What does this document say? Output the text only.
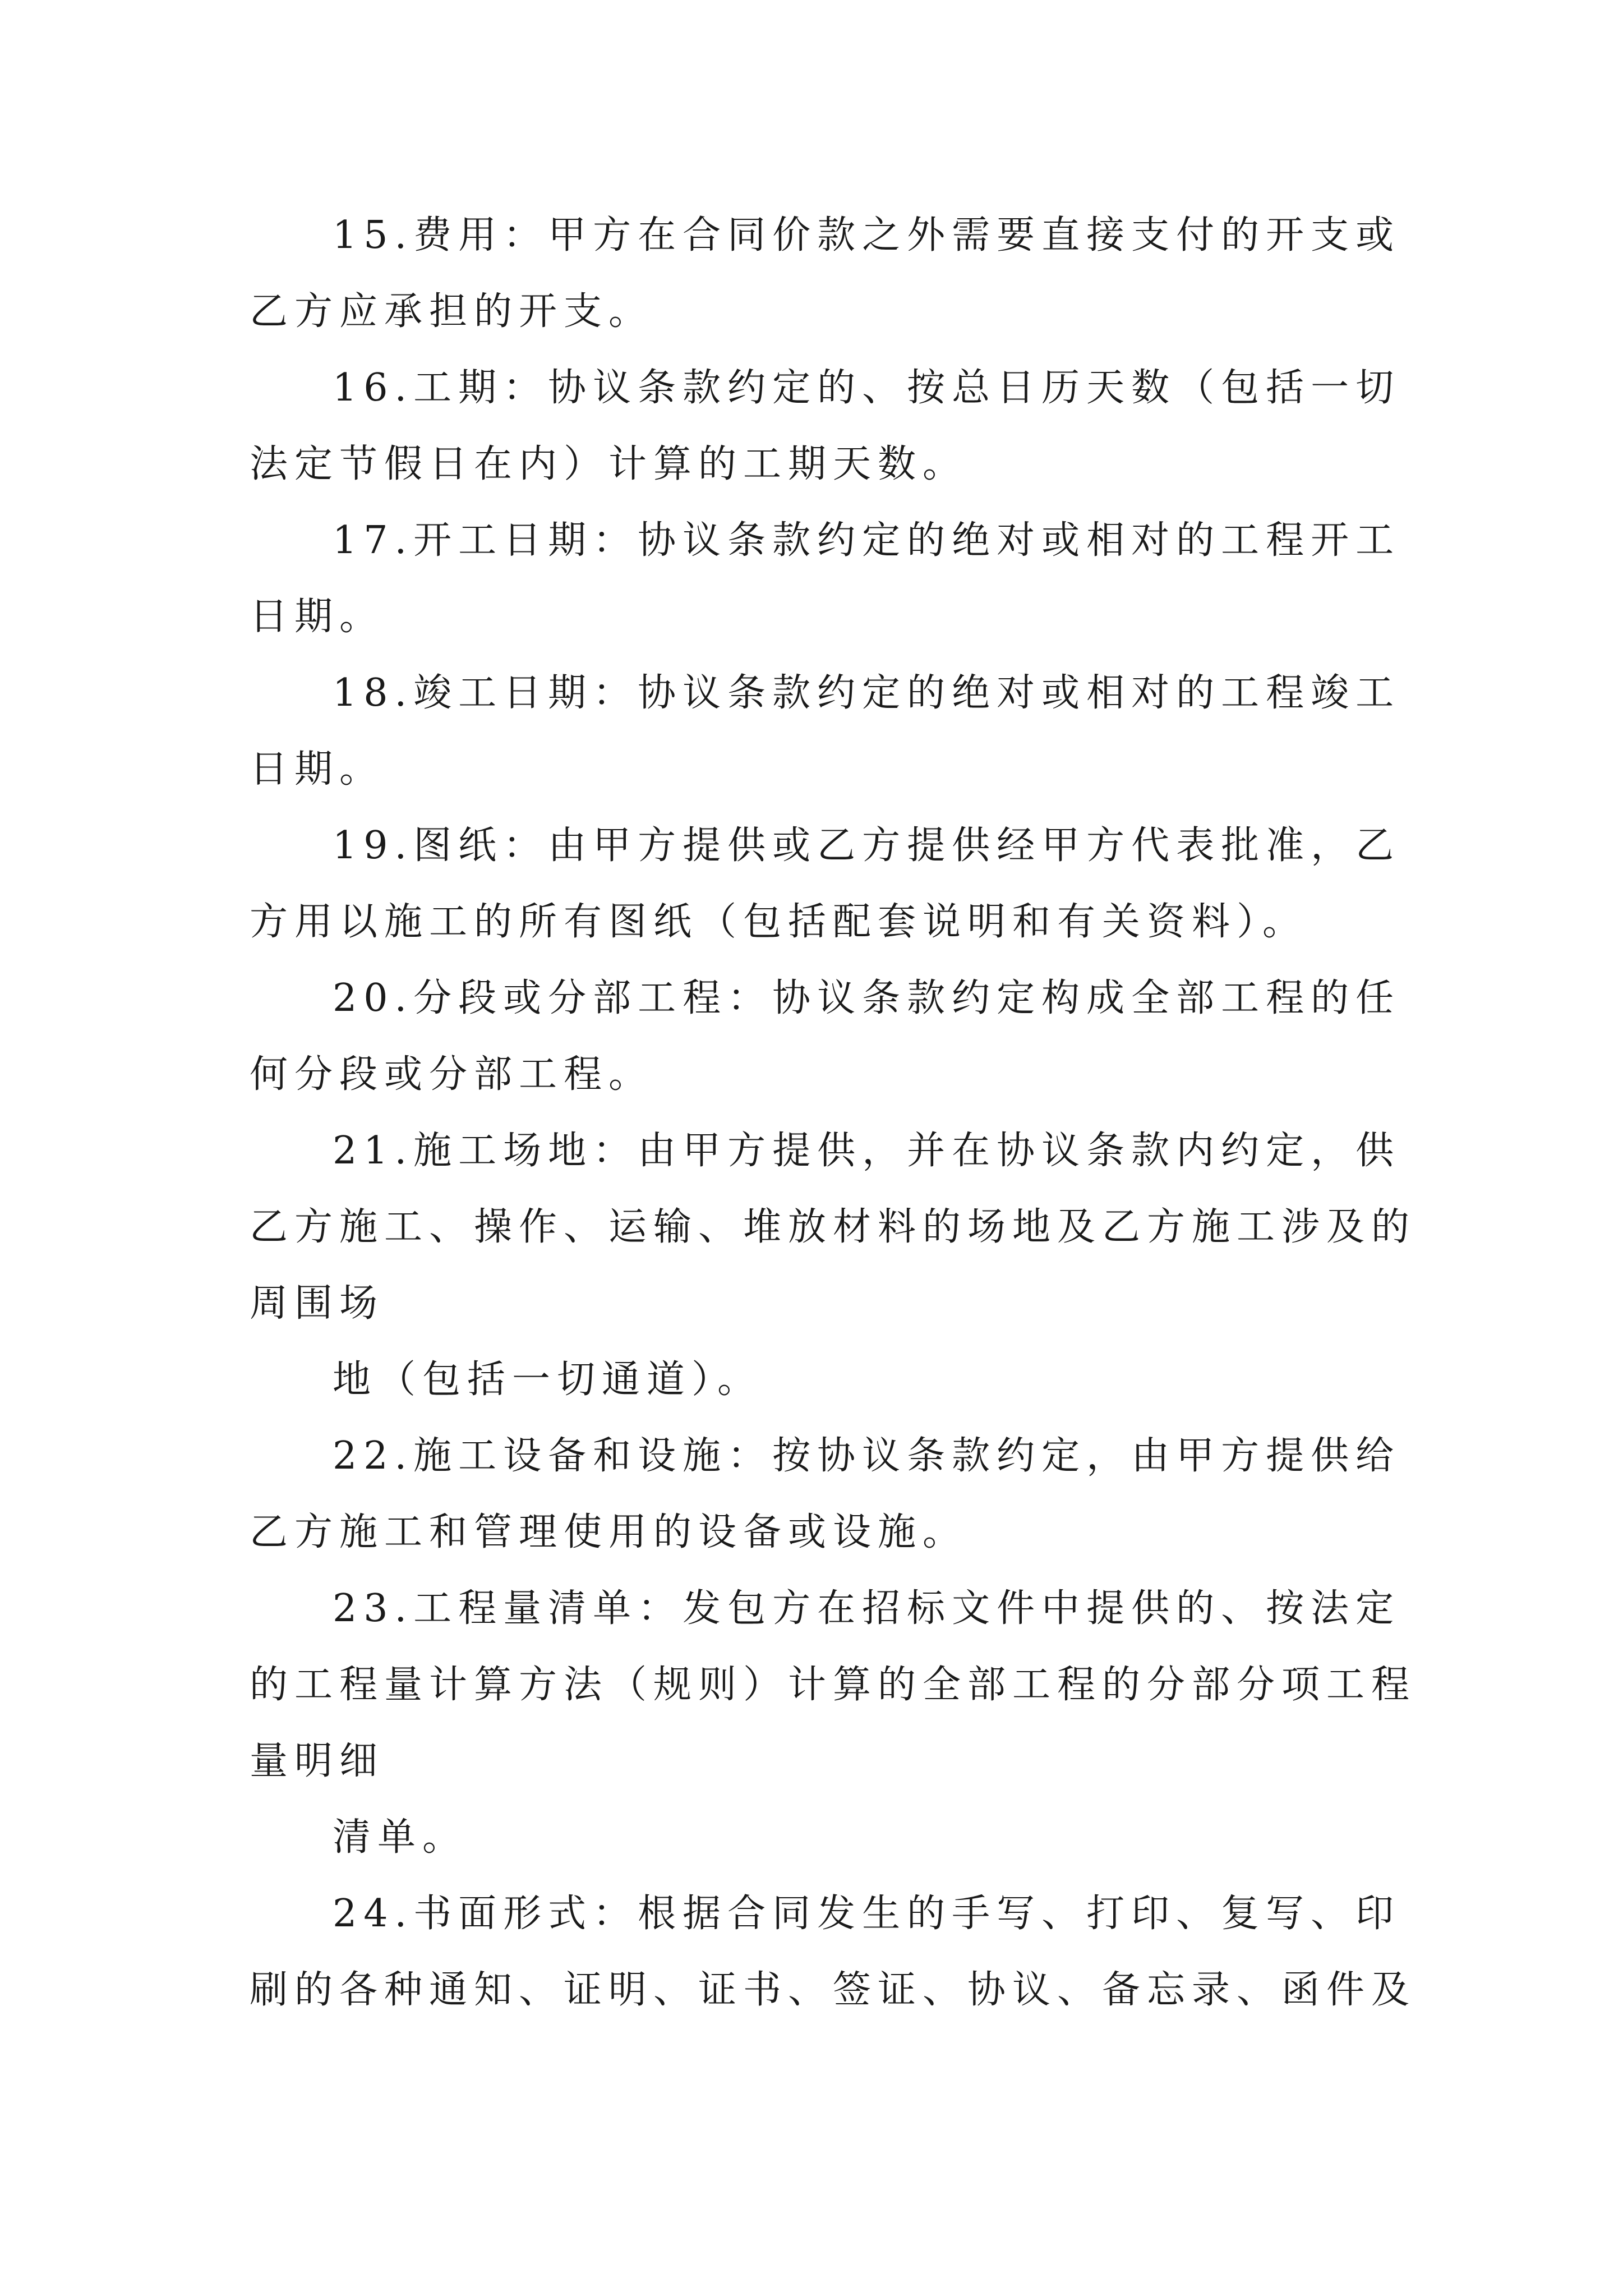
15.费用：甲方在合同价款之外需要直接支付的开支或
乙方应承担的开支。
16.工期：协议条款约定的、按总日历天数（包括一切
法定节假日在内）计算的工期天数。
17.开工日期：协议条款约定的绝对或相对的工程开工
日期。
18.竣工日期：协议条款约定的绝对或相对的工程竣工
日期。
19.图纸：由甲方提供或乙方提供经甲方代表批准，乙
方用以施工的所有图纸（包括配套说明和有关资料）。
20.分段或分部工程：协议条款约定构成全部工程的任
何分段或分部工程。
21.施工场地：由甲方提供，并在协议条款内约定，供
乙方施工、操作、运输、堆放材料的场地及乙方施工涉及的
周围场
地（包括一切通道）。
22.施工设备和设施：按协议条款约定，由甲方提供给
乙方施工和管理使用的设备或设施。
23.工程量清单：发包方在招标文件中提供的、按法定
的工程量计算方法（规则）计算的全部工程的分部分项工程
量明细
清单。
24.书面形式：根据合同发生的手写、打印、复写、印
刷的各种通知、证明、证书、签证、协议、备忘录、函件及
